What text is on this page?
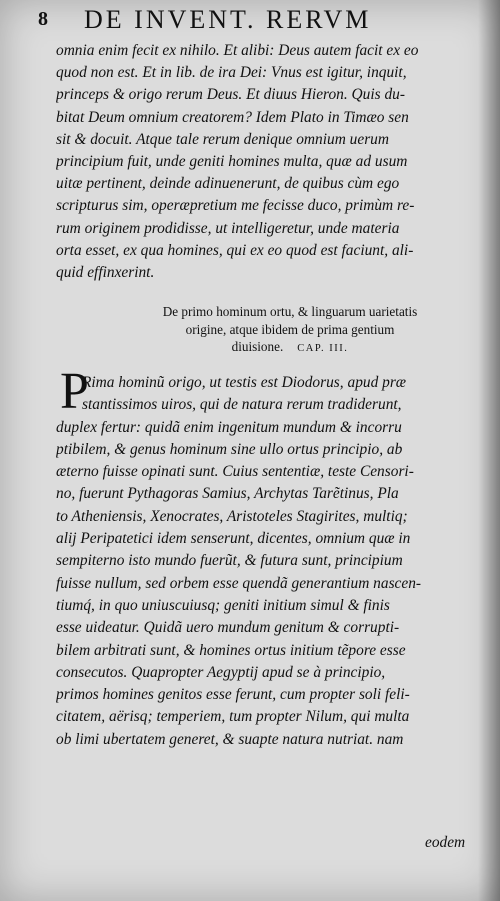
8 DE INVENT. RERVM
omnia enim fecit ex nihilo. Et alibi: Deus autem facit ex eo
quod non est. Et in lib. de ira Dei: Vnus est igitur, inquit,
princeps & origo rerum Deus. Et diuus Hieron. Quis du-
bitat Deum omnium creatorem? Idem Plato in Timæo sen
sit & docuit. Atque tale rerum denique omnium uerum
principium fuit, unde geniti homines multa, quæ ad usum
uitæ pertinent, deinde adinuenerunt, de quibus cùm ego
scripturus sim, operæpretium me fecisse duco, primùm re-
rum originem prodidisse, ut intelligeretur, unde materia
orta esset, ex qua homines, qui ex eo quod est faciunt, ali-
quid effinxerint.
De primo hominum ortu, & linguarum uarietatis
origine, atque ibidem de prima gentium
diuisione. CAP. III.
P
Rima hominũ origo, ut testis est Diodorus, apud præ
stantissimos uiros, qui de natura rerum tradiderunt,
duplex fertur: quidã enim ingenitum mundum & incorru
ptibilem, & genus hominum sine ullo ortus principio, ab
æterno fuisse opinati sunt. Cuius sententiæ, teste Censori-
no, fuerunt Pythagoras Samius, Archytas Tarẽtinus, Pla
to Atheniensis, Xenocrates, Aristoteles Stagirites, multiq;
alij Peripatetici idem senserunt, dicentes, omnium quæ in
sempiterno isto mundo fuerũt, & futura sunt, principium
fuisse nullum, sed orbem esse quendã generantium nascen-
tiumq́, in quo uniuscuiusq; geniti initium simul & finis
esse uideatur. Quidã uero mundum genitum & corrupti-
bilem arbitrati sunt, & homines ortus initium tẽpore esse
consecutos. Quapropter Aegyptij apud se à principio,
primos homines genitos esse ferunt, cum propter soli feli-
citatem, aërisq; temperiem, tum propter Nilum, qui multa
ob limi ubertatem generet, & suapte natura nutriat. nam
eodem
